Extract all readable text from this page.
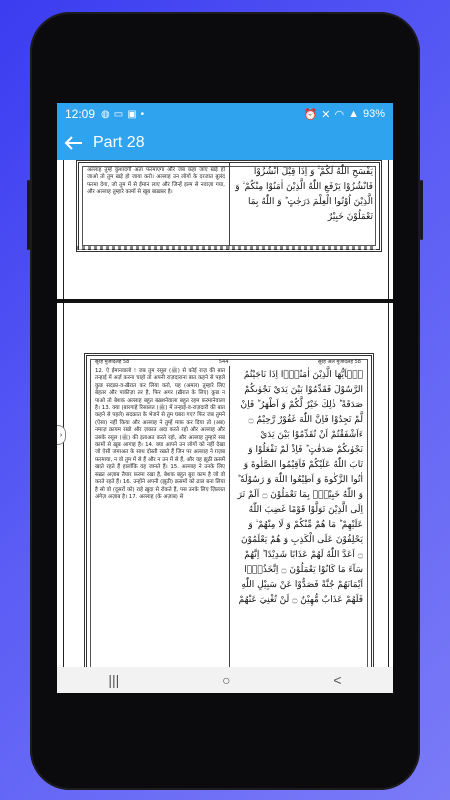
12:09 ◍ ▭ ▣ •	⏰ ✕ ◠ ▲ 93%
Part 28
अल्लाह तुम्हें कुशादगी अता फरमाएगा और जब कहा जाए खड़े हो जाओ तो तुम खड़े हो जाया करो। अल्लाह उन लोगों के दरजात बुलंद फरमा देगा, जो तुम में से ईमान लाए और जिन्हें इल्म से नवाज़ा गया, और अल्लाह तुम्हारे कामों से खूब बाख़बर है।
يَفْسَحِ اللّٰهُ لَكُمْ ۚ وَ اِذَا قِيْلَ انْشُزُوْا فَانْشُزُوْا يَرْفَعِ اللّٰهُ الَّذِيْنَ اٰمَنُوْا مِنْكُمْ ۙ وَ الَّذِيْنَ اُوْتُوا الْعِلْمَ دَرَجٰتٍ ؕ وَ اللّٰهُ بِمَا تَعْمَلُوْنَ خَبِيْرٌ
सूरह मुजादलह 58	544	सूरह अल मुजादलह 58
12. ऐ ईमानवालो ! जब तुम रसूल (ﷺ) से कोई राज़ की बात तन्हाई में अर्ज़ करना चाहो तो अपनी राज़दाराना बात कहने से पहले कुछ सदक़ा-व-ख़ैरात कर लिया करो, यह (अमल) तुम्हारे लिए बेहतर और पाकीज़ा तर है, फिर अगर (ख़ैरात के लिए) कुछ न पाओ तो बेशक अल्लाह बहुत बख़्शनेवाला बहुत रहम फ़रमानेवाला है। 13. क्या (बारगाहे रिसालत (ﷺ) में तन्हाई-व-राज़दारी की बात कहने से पहले) सदक़ात के भेजने से तुम घबरा गए? फिर जब तुमने (ऐसा) नहीं किया और अल्लाह ने तुम्हें माफ़ कर दिया तो (अब) नमाज़ क़ायम रखो और ज़कात अदा करते रहो और अल्लाह और उसके रसूल (ﷺ) की इताअत करते रहो, और अल्लाह तुम्हारे सब कामों से ख़ूब आगाह है। 14. क्या आपने उन लोगों को नहीं देखा जो ऐसी जमाअत के साथ दोस्ती रखते हैं जिन पर अल्लाह ने ग़ज़ब फ़रमाया, न वो तुम में से हैं और न उन में से हैं, और वह झूठी क़समें खाते रहते हैं हालाँकि वह जानते हैं। 15. अल्लाह ने उनके लिए सख़्त अज़ाब तैयार फ़रमा रखा है, बेशक बहुत बुरा काम है जो वो करते रहते हैं। 16. उन्होंने अपनी (झूठी) क़समों को ढाल बना लिया है सो वो (दूसरों को) राहे ख़ुदा से रोकते हैं, पस उनके लिए ज़िल्लत अंगेज़ अज़ाब है। 17. अल्लाह (के अज़ाब) से
يٰۤاَيُّهَا الَّذِيْنَ اٰمَنُوْۤا اِذَا نَاجَيْتُمُ الرَّسُوْلَ فَقَدِّمُوْا بَيْنَ يَدَيْ نَجْوٰىكُمْ صَدَقَةً ؕ ذٰلِكَ خَيْرٌ لَّكُمْ وَ اَطْهَرُ ؕ فَاِنْ لَّمْ تَجِدُوْا فَاِنَّ اللّٰهَ غَفُوْرٌ رَّحِيْمٌ ۝ ءَاَشْفَقْتُمْ اَنْ تُقَدِّمُوْا بَيْنَ يَدَيْ نَجْوٰىكُمْ صَدَقٰتٍ ؕ فَاِذْ لَمْ تَفْعَلُوْا وَ تَابَ اللّٰهُ عَلَيْكُمْ فَاَقِيْمُوا الصَّلٰوةَ وَ اٰتُوا الزَّكٰوةَ وَ اَطِيْعُوا اللّٰهَ وَ رَسُوْلَهٗ ؕ وَ اللّٰهُ خَبِيْرٌۢ بِمَا تَعْمَلُوْنَ ۝ اَلَمْ تَرَ اِلَى الَّذِيْنَ تَوَلَّوْا قَوْمًا غَضِبَ اللّٰهُ عَلَيْهِمْ ؕ مَا هُمْ مِّنْكُمْ وَ لَا مِنْهُمْ ۙ وَ يَحْلِفُوْنَ عَلَى الْكَذِبِ وَ هُمْ يَعْلَمُوْنَ ۝ اَعَدَّ اللّٰهُ لَهُمْ عَذَابًا شَدِيْدًا ؕ اِنَّهُمْ سَآءَ مَا كَانُوْا يَعْمَلُوْنَ ۝ اِتَّخَذُوْۤا اَيْمَانَهُمْ جُنَّةً فَصَدُّوْا عَنْ سَبِيْلِ اللّٰهِ فَلَهُمْ عَذَابٌ مُّهِيْنٌ ۝ لَنْ تُغْنِيَ عَنْهُمْ
›
|||	○	<
